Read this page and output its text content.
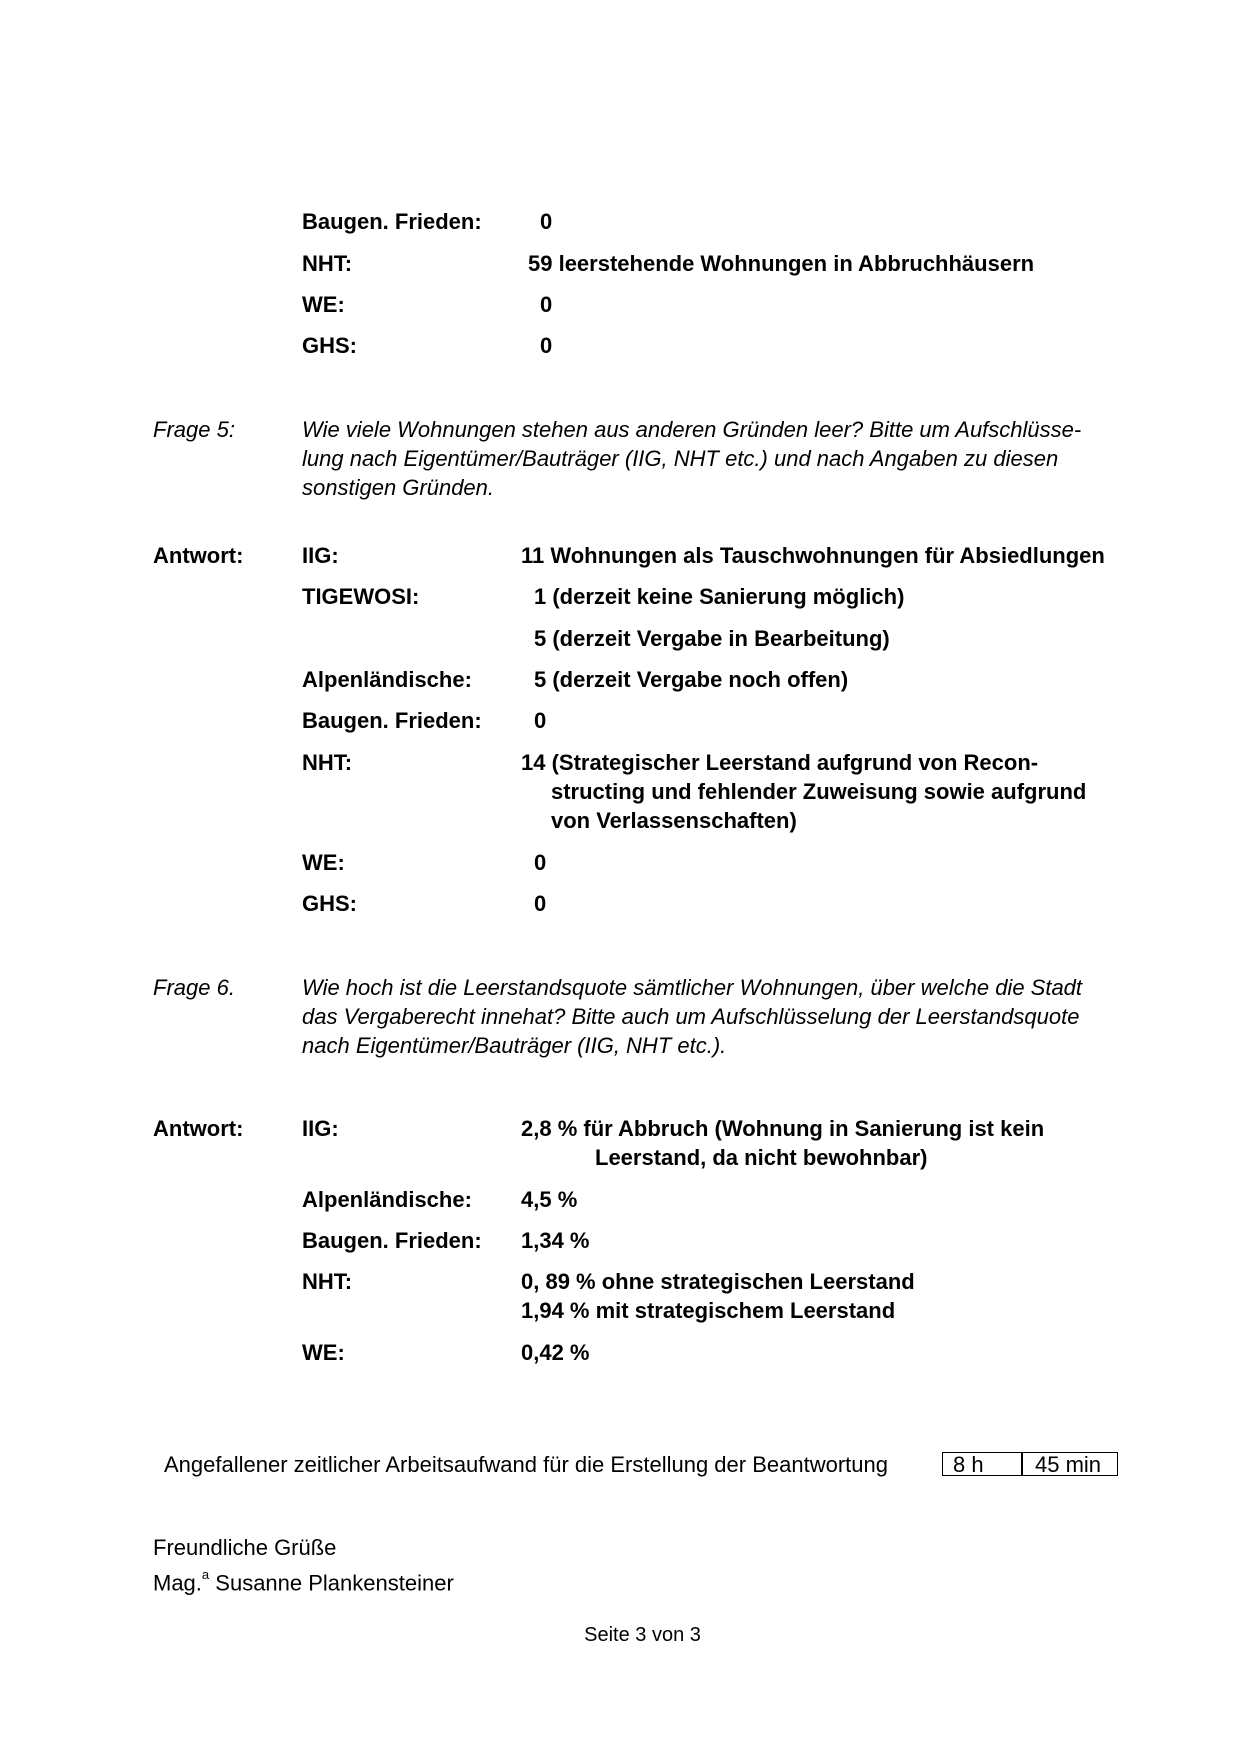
Baugen. Frieden:	0
NHT:	59 leerstehende Wohnungen in Abbruchhäusern
WE:	0
GHS:	0
Frage 5:	Wie viele Wohnungen stehen aus anderen Gründen leer? Bitte um Aufschlüsse-
lung nach Eigentümer/Bauträger (IIG, NHT etc.) und nach Angaben zu diesen
sonstigen Gründen.
Antwort:	IIG:	11 Wohnungen als Tauschwohnungen für Absiedlungen
TIGEWOSI:	1 (derzeit keine Sanierung möglich)
5 (derzeit Vergabe in Bearbeitung)
Alpenländische:	5 (derzeit Vergabe noch offen)
Baugen. Frieden: 0
NHT:	14 (Strategischer Leerstand aufgrund von Recon-
structing und fehlender Zuweisung sowie aufgrund
von Verlassenschaften)
WE:	0
GHS:	0
Frage 6.	Wie hoch ist die Leerstandsquote sämtlicher Wohnungen, über welche die Stadt
das Vergaberecht innehat? Bitte auch um Aufschlüsselung der Leerstandsquote
nach Eigentümer/Bauträger (IIG, NHT etc.).
Antwort:	IIG:	2,8 % für Abbruch (Wohnung in Sanierung ist kein
Leerstand, da nicht bewohnbar)
Alpenländische: 4,5 %
Baugen. Frieden: 1,34 %
NHT:	0, 89 % ohne strategischen Leerstand
1,94 % mit strategischem Leerstand
WE:	0,42 %
Angefallener zeitlicher Arbeitsaufwand für die Erstellung der Beantwortung	8 h	45 min
Freundliche Grüße
Mag.$^a$ Susanne Plankensteiner
Seite 3 von 3
